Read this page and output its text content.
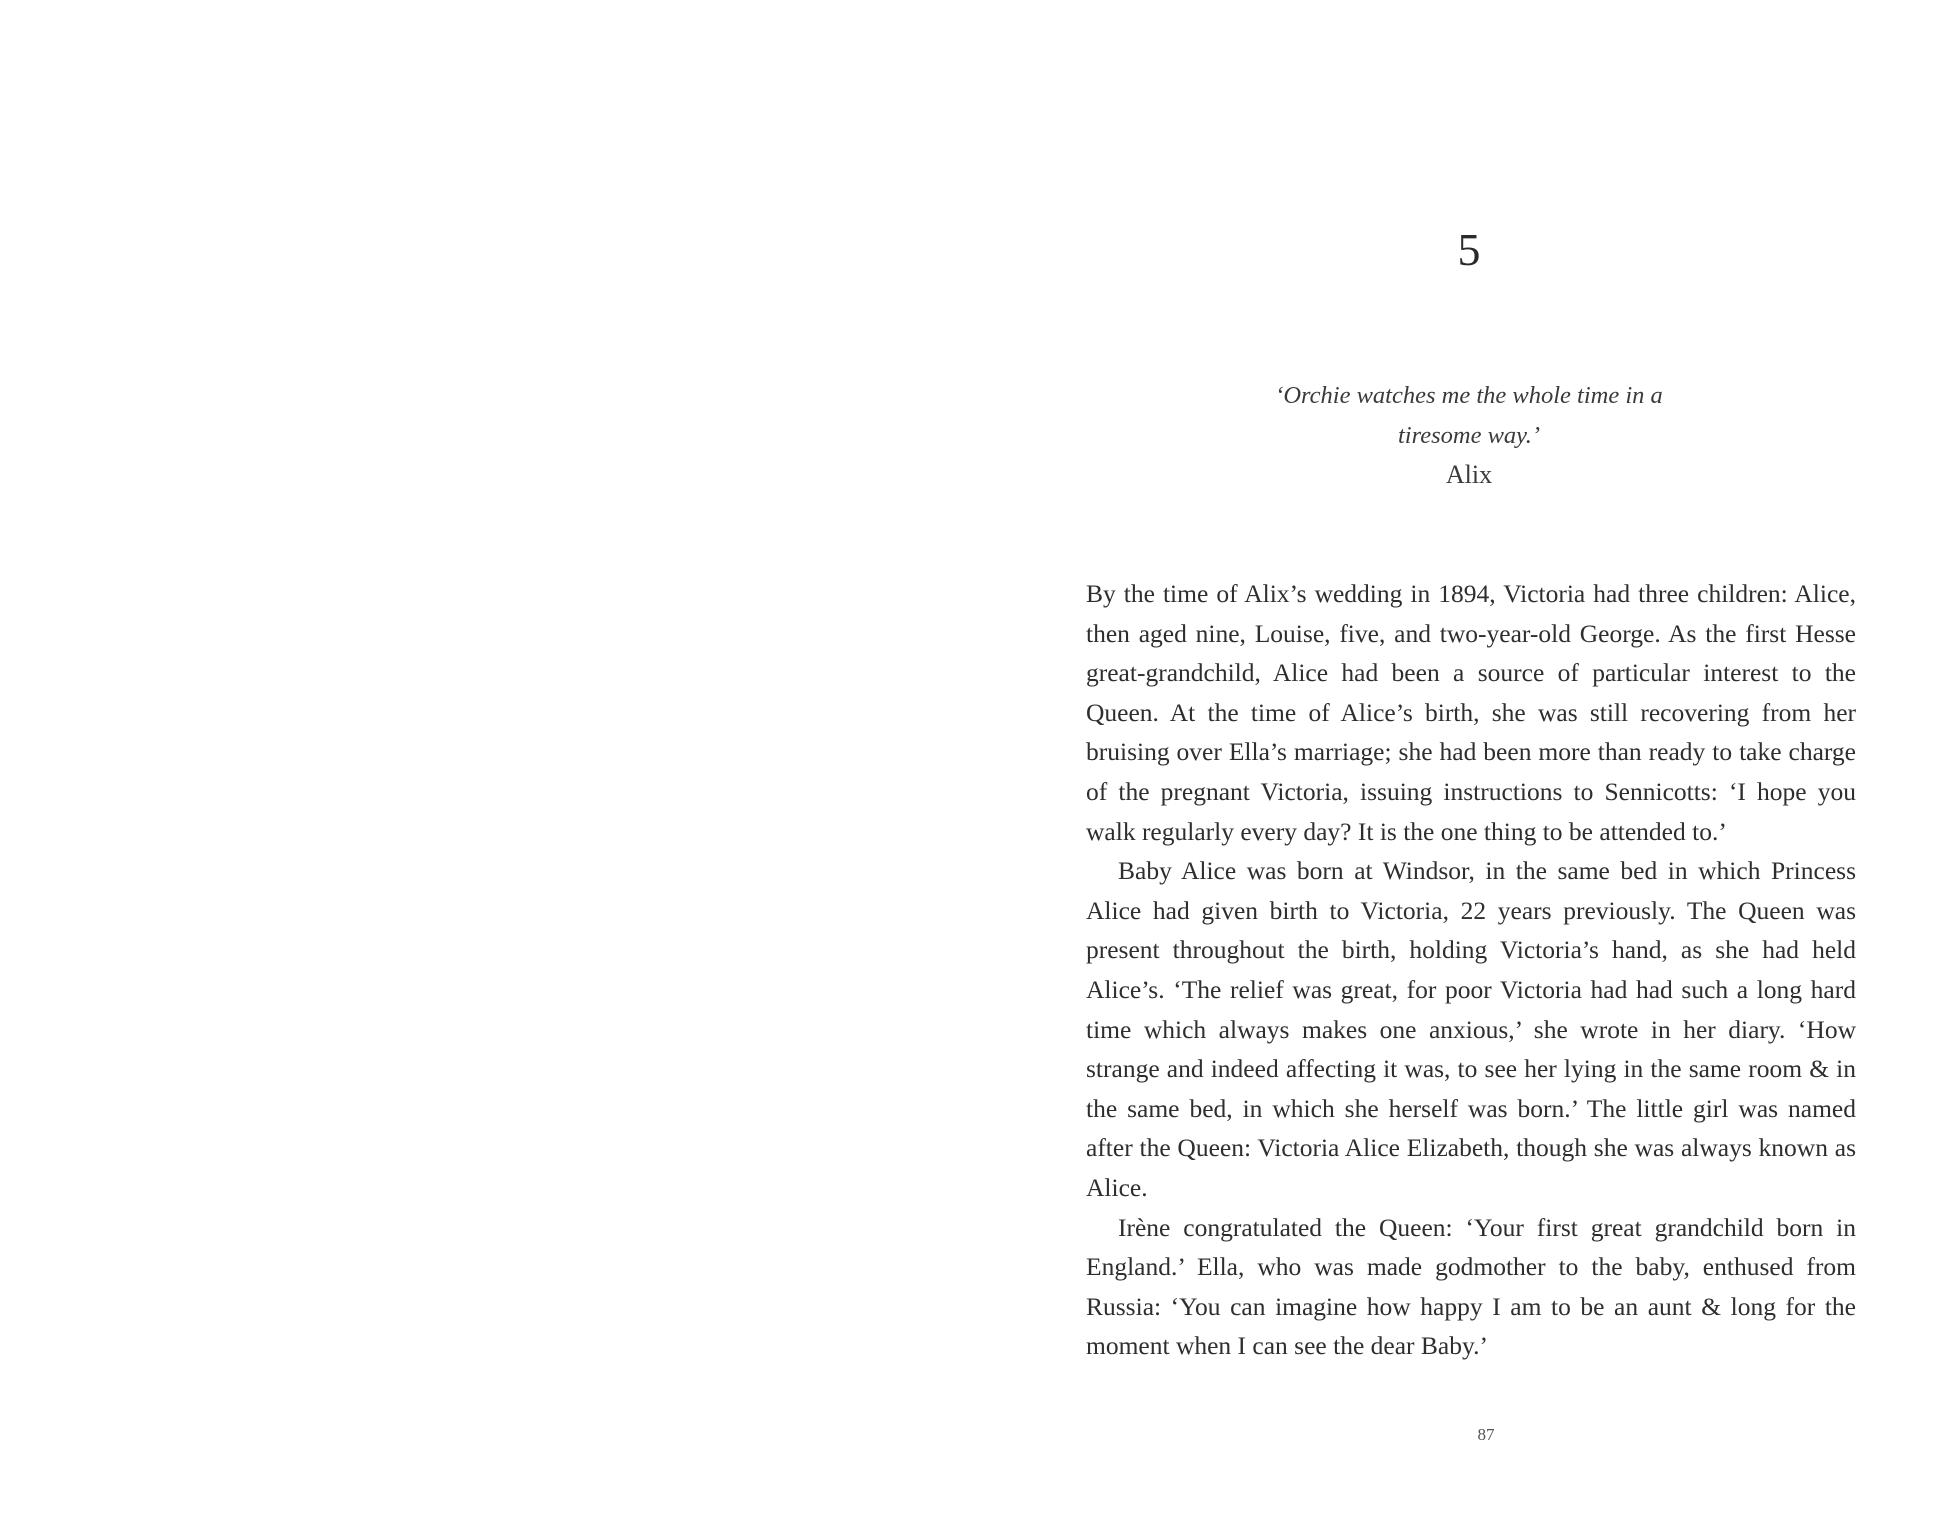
5
‘Orchie watches me the whole time in a
tiresome way.’
Alix

By the time of Alix’s wedding in 1894, Victoria had three children: Alice, then aged nine, Louise, five, and two-year-old George. As the first Hesse great-grandchild, Alice had been a source of particular interest to the Queen. At the time of Alice’s birth, she was still recovering from her bruising over Ella’s marriage; she had been more than ready to take charge of the pregnant Victoria, issuing instructions to Sennicotts: ‘I hope you walk regularly every day? It is the one thing to be attended to.’

Baby Alice was born at Windsor, in the same bed in which Princess Alice had given birth to Victoria, 22 years previously. The Queen was present throughout the birth, holding Victoria’s hand, as she had held Alice’s. ‘The relief was great, for poor Victoria had had such a long hard time which always makes one anxious,’ she wrote in her diary. ‘How strange and indeed affecting it was, to see her lying in the same room & in the same bed, in which she herself was born.’ The little girl was named after the Queen: Victoria Alice Elizabeth, though she was always known as Alice.

Irène congratulated the Queen: ‘Your first great grandchild born in England.’ Ella, who was made godmother to the baby, enthused from Russia: ‘You can imagine how happy I am to be an aunt & long for the moment when I can see the dear Baby.’

87
